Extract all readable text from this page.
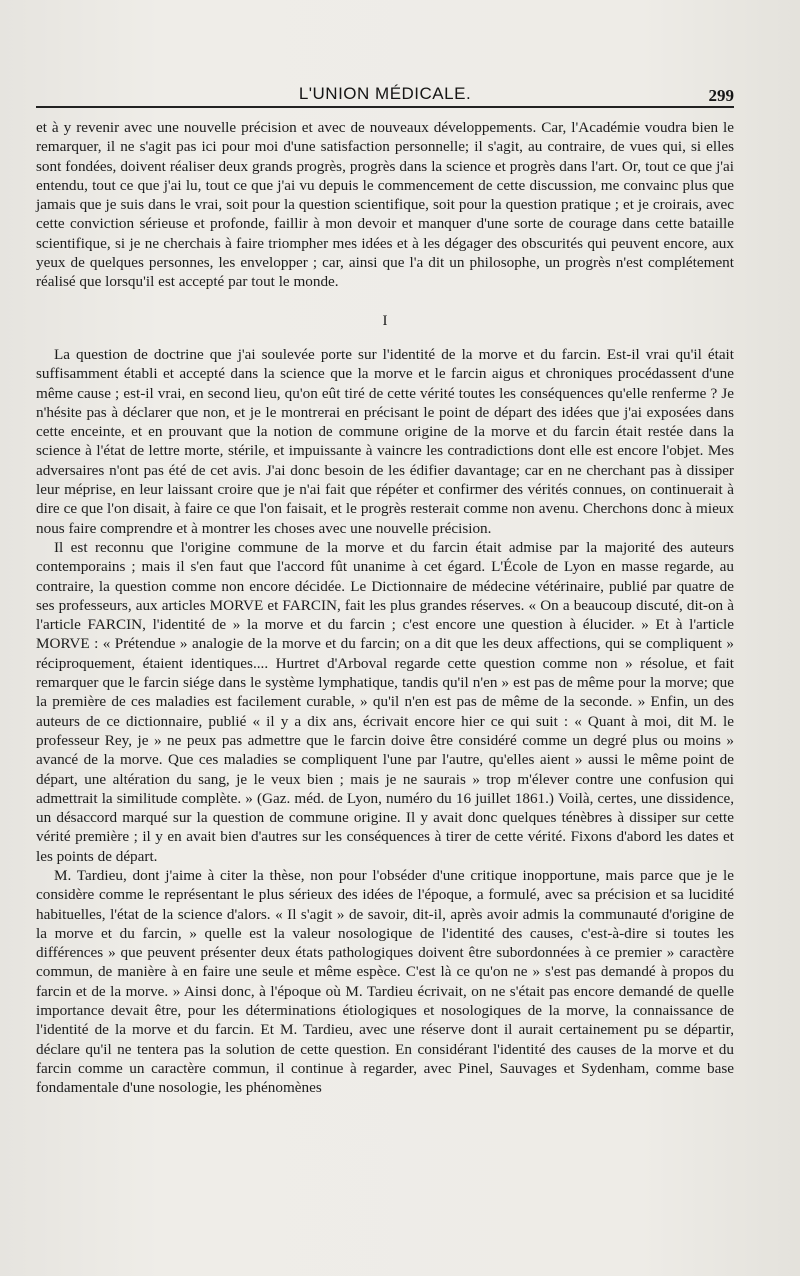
L'UNION MÉDICALE.	299

et à y revenir avec une nouvelle précision et avec de nouveaux développements. Car, l'Académie voudra bien le remarquer, il ne s'agit pas ici pour moi d'une satisfaction personnelle; il s'agit, au contraire, de vues qui, si elles sont fondées, doivent réaliser deux grands progrès, progrès dans la science et progrès dans l'art. Or, tout ce que j'ai entendu, tout ce que j'ai lu, tout ce que j'ai vu depuis le commencement de cette discussion, me convainc plus que jamais que je suis dans le vrai, soit pour la question scientifique, soit pour la question pratique ; et je croirais, avec cette conviction sérieuse et profonde, faillir à mon devoir et manquer d'une sorte de courage dans cette bataille scientifique, si je ne cherchais à faire triompher mes idées et à les dégager des obscurités qui peuvent encore, aux yeux de quelques personnes, les envelopper ; car, ainsi que l'a dit un philosophe, un progrès n'est complétement réalisé que lorsqu'il est accepté par tout le monde.

I

La question de doctrine que j'ai soulevée porte sur l'identité de la morve et du farcin. Est-il vrai qu'il était suffisamment établi et accepté dans la science que la morve et le farcin aigus et chroniques procédassent d'une même cause ; est-il vrai, en second lieu, qu'on eût tiré de cette vérité toutes les conséquences qu'elle renferme ? Je n'hésite pas à déclarer que non, et je le montrerai en précisant le point de départ des idées que j'ai exposées dans cette enceinte, et en prouvant que la notion de commune origine de la morve et du farcin était restée dans la science à l'état de lettre morte, stérile, et impuissante à vaincre les contradictions dont elle est encore l'objet. Mes adversaires n'ont pas été de cet avis. J'ai donc besoin de les édifier davantage; car en ne cherchant pas à dissiper leur méprise, en leur laissant croire que je n'ai fait que répéter et confirmer des vérités connues, on continuerait à dire ce que l'on disait, à faire ce que l'on faisait, et le progrès resterait comme non avenu. Cherchons donc à mieux nous faire comprendre et à montrer les choses avec une nouvelle précision.

Il est reconnu que l'origine commune de la morve et du farcin était admise par la majorité des auteurs contemporains ; mais il s'en faut que l'accord fût unanime à cet égard. L'École de Lyon en masse regarde, au contraire, la question comme non encore décidée. Le Dictionnaire de médecine vétérinaire, publié par quatre de ses professeurs, aux articles MORVE et FARCIN, fait les plus grandes réserves. « On a beaucoup discuté, dit-on à l'article FARCIN, l'identité de » la morve et du farcin ; c'est encore une question à élucider. » Et à l'article MORVE : « Prétendue » analogie de la morve et du farcin; on a dit que les deux affections, qui se compliquent » réciproquement, étaient identiques.... Hurtret d'Arboval regarde cette question comme non » résolue, et fait remarquer que le farcin siége dans le système lymphatique, tandis qu'il n'en » est pas de même pour la morve; que la première de ces maladies est facilement curable, » qu'il n'en est pas de même de la seconde. » Enfin, un des auteurs de ce dictionnaire, publié « il y a dix ans, écrivait encore hier ce qui suit : « Quant à moi, dit M. le professeur Rey, je » ne peux pas admettre que le farcin doive être considéré comme un degré plus ou moins » avancé de la morve. Que ces maladies se compliquent l'une par l'autre, qu'elles aient » aussi le même point de départ, une altération du sang, je le veux bien ; mais je ne saurais » trop m'élever contre une confusion qui admettrait la similitude complète. » (Gaz. méd. de Lyon, numéro du 16 juillet 1861.) Voilà, certes, une dissidence, un désaccord marqué sur la question de commune origine. Il y avait donc quelques ténèbres à dissiper sur cette vérité première ; il y en avait bien d'autres sur les conséquences à tirer de cette vérité. Fixons d'abord les dates et les points de départ.

M. Tardieu, dont j'aime à citer la thèse, non pour l'obséder d'une critique inopportune, mais parce que je le considère comme le représentant le plus sérieux des idées de l'époque, a formulé, avec sa précision et sa lucidité habituelles, l'état de la science d'alors. « Il s'agit » de savoir, dit-il, après avoir admis la communauté d'origine de la morve et du farcin, » quelle est la valeur nosologique de l'identité des causes, c'est-à-dire si toutes les différences » que peuvent présenter deux états pathologiques doivent être subordonnées à ce premier » caractère commun, de manière à en faire une seule et même espèce. C'est là ce qu'on ne » s'est pas demandé à propos du farcin et de la morve. » Ainsi donc, à l'époque où M. Tardieu écrivait, on ne s'était pas encore demandé de quelle importance devait être, pour les déterminations étiologiques et nosologiques de la morve, la connaissance de l'identité de la morve et du farcin. Et M. Tardieu, avec une réserve dont il aurait certainement pu se départir, déclare qu'il ne tentera pas la solution de cette question. En considérant l'identité des causes de la morve et du farcin comme un caractère commun, il continue à regarder, avec Pinel, Sauvages et Sydenham, comme base fondamentale d'une nosologie, les phénomènes
